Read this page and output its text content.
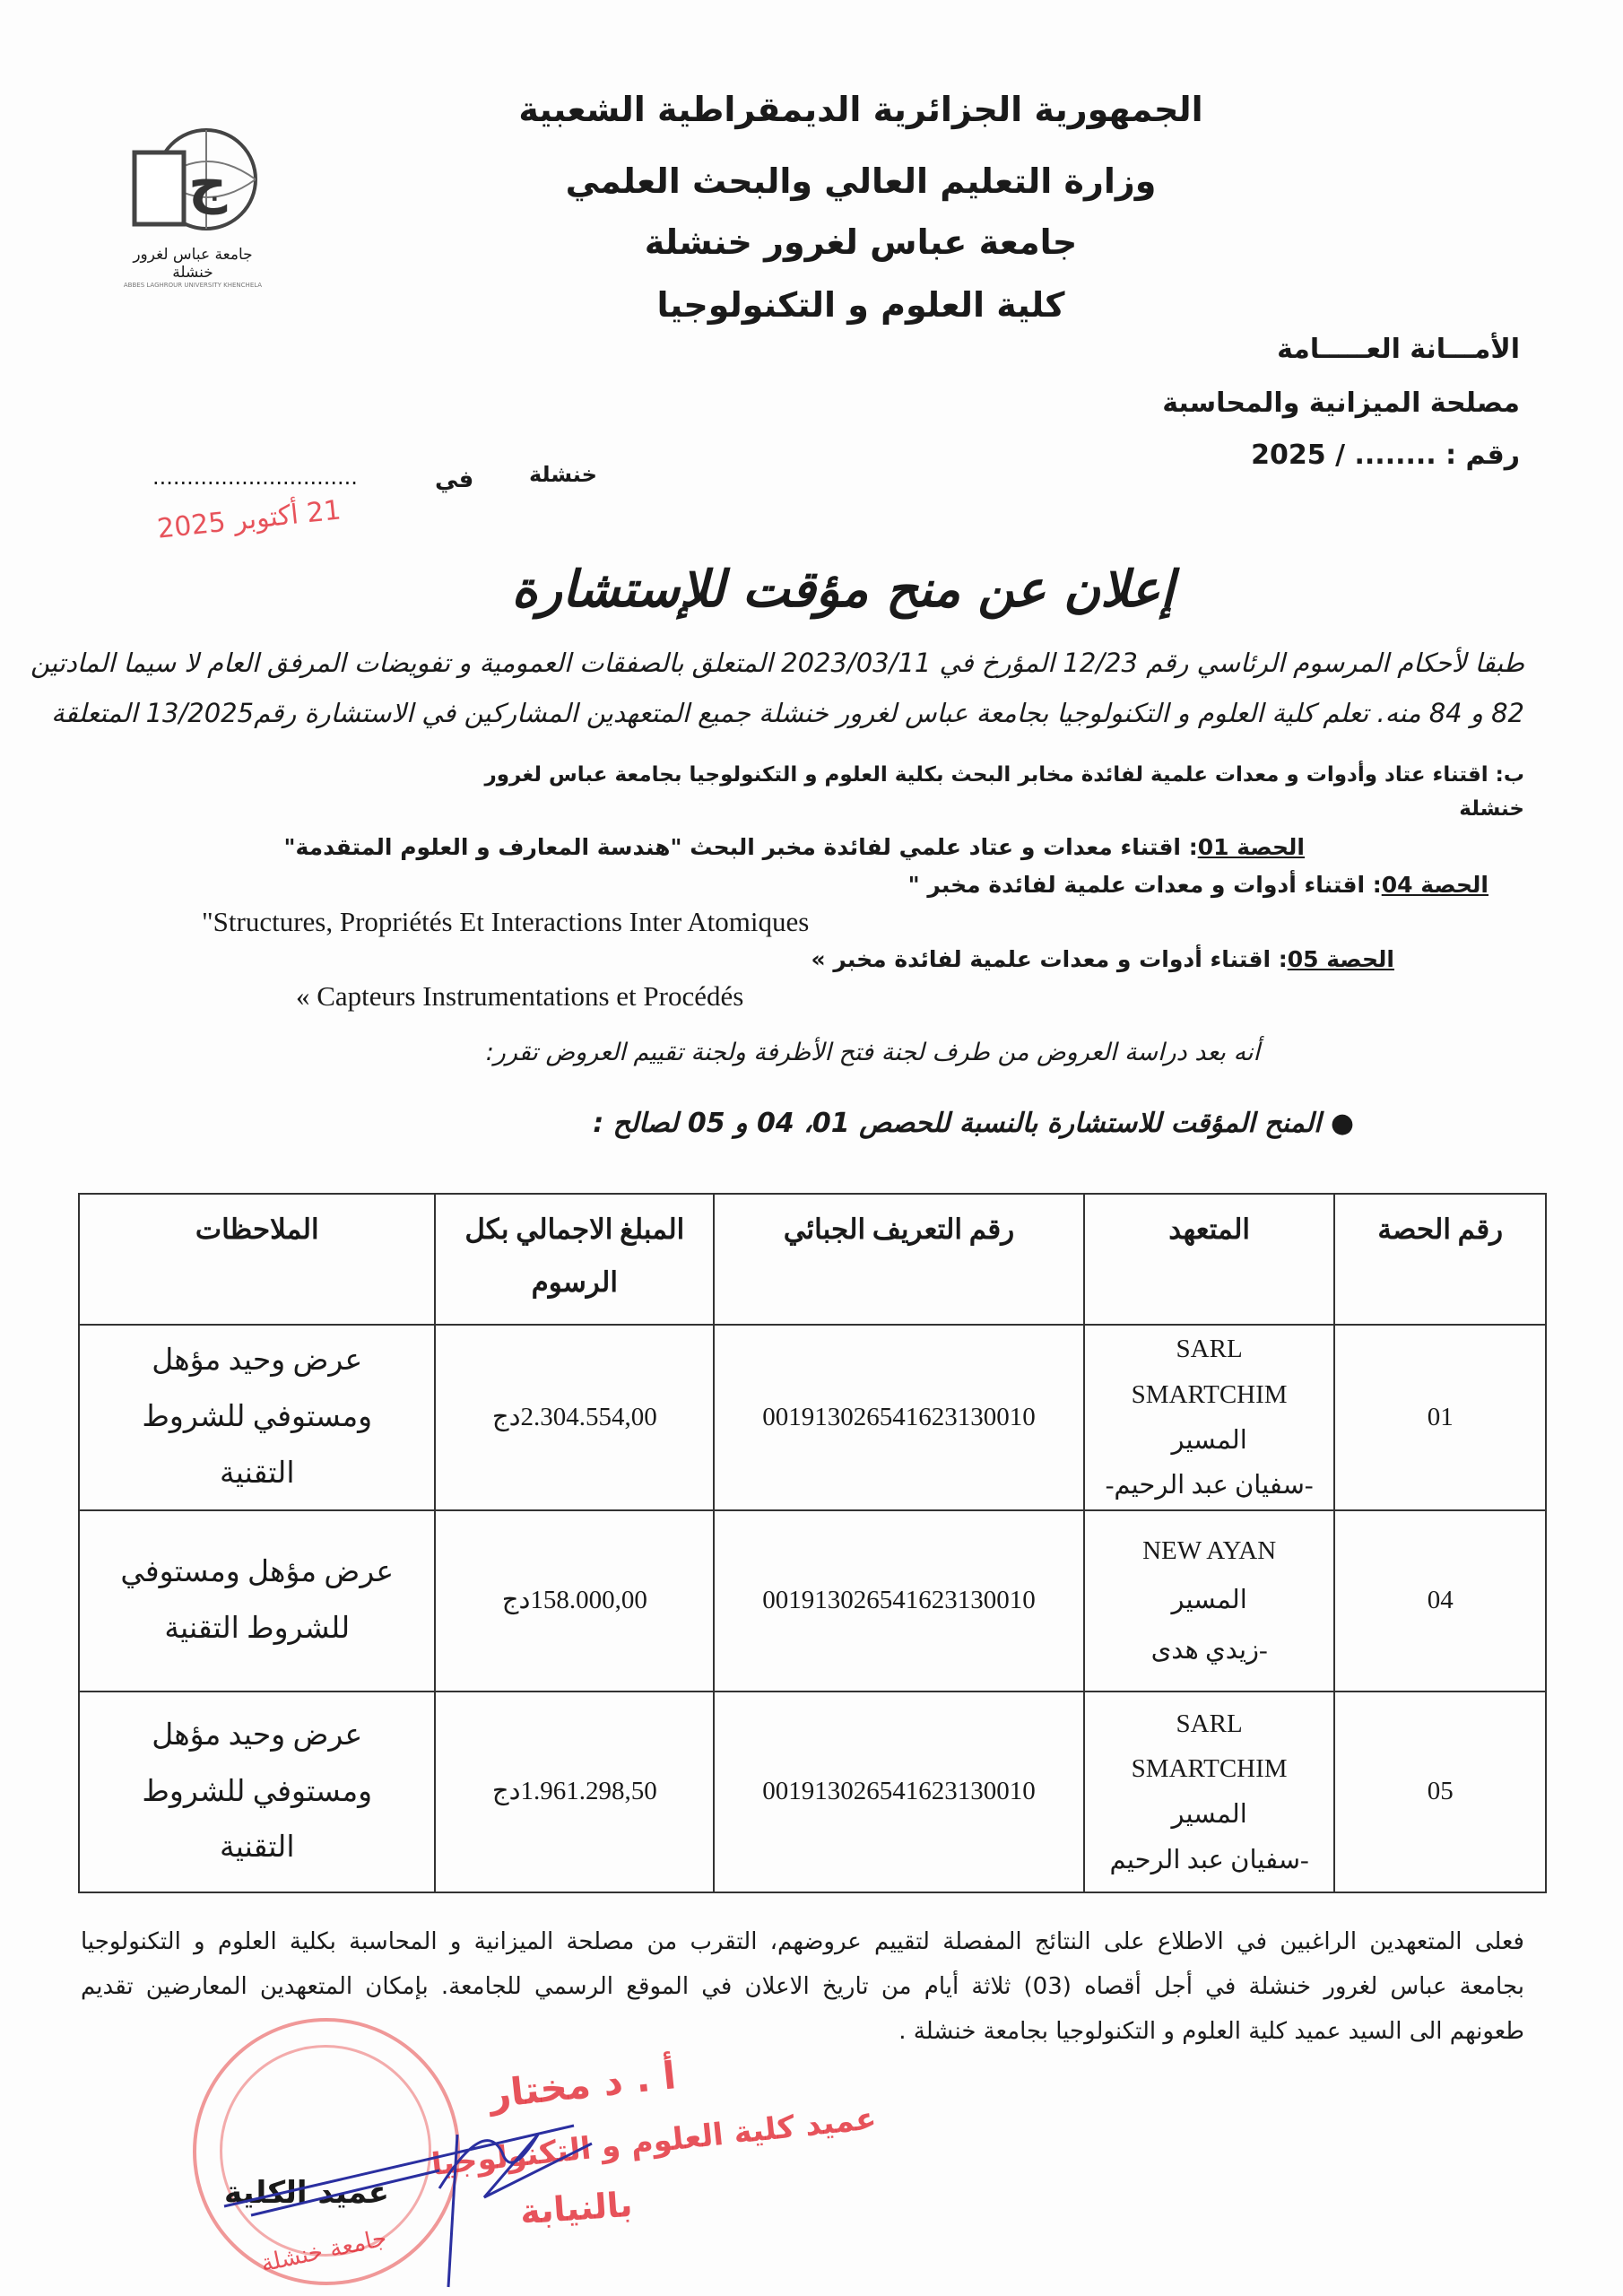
ج
جامعة عباس لغرور خنشلة
ABBES LAGHROUR UNIVERSITY KHENCHELA
الجمهورية الجزائرية الديمقراطية الشعبية
وزارة التعليم العالي والبحث العلمي
جامعة عباس لغرور خنشلة
كلية العلوم و التكنولوجيا
الأمـــانة العـــــامة
مصلحة الميزانية والمحاسبة
رقم : ........ / 2025
خنشلة
في
..............................
21 أكتوبر 2025
إعلان عن منح مؤقت للإستشارة
طبقا لأحكام المرسوم الرئاسي رقم 12/23 المؤرخ في 2023/03/11 المتعلق بالصفقات العمومية و تفويضات المرفق العام لا سيما المادتين
82 و 84 منه. تعلم كلية العلوم و التكنولوجيا بجامعة عباس لغرور خنشلة جميع المتعهدين المشاركين في الاستشارة رقم13/2025 المتعلقة
ب: اقتناء عتاد وأدوات و معدات علمية لفائدة مخابر البحث بكلية العلوم و التكنولوجيا بجامعة عباس لغرور خنشلة
الحصة 01: اقتناء معدات و عتاد علمي لفائدة مخبر البحث "هندسة المعارف و العلوم المتقدمة"
الحصة 04: اقتناء أدوات و معدات علمية لفائدة مخبر "
"Structures, Propriétés Et Interactions Inter Atomiques
الحصة 05: اقتناء أدوات و معدات علمية لفائدة مخبر »
« Capteurs Instrumentations et Procédés
أنه بعد دراسة العروض من طرف لجنة فتح الأظرفة ولجنة تقييم العروض تقرر:
● المنح المؤقت للاستشارة بالنسبة للحصص 01، 04 و 05 لصالح :
رقم الحصة	المتعهد	رقم التعريف الجبائي	المبلغ الاجمالي بكل الرسوم	الملاحظات
01	SARL
SMARTCHIM
المسير
-سفيان عبد الرحيم-	001913026541623130010	2.304.554,00دج	عرض وحيد مؤهل ومستوفي للشروط التقنية
04	NEW AYAN
المسير
-زيدي هدى	001913026541623130010	158.000,00دج	عرض مؤهل ومستوفي للشروط التقنية
05	SARL
SMARTCHIM
المسير
-سفيان عبد الرحيم	001913026541623130010	1.961.298,50دج	عرض وحيد مؤهل ومستوفي للشروط التقنية
فعلى المتعهدين الراغبين في الاطلاع على النتائج المفصلة لتقييم عروضهم، التقرب من مصلحة الميزانية و المحاسبة بكلية العلوم و التكنولوجيا
بجامعة عباس لغرور خنشلة في أجل أقصاه (03) ثلاثة أيام من تاريخ الاعلان في الموقع الرسمي للجامعة. بإمكان المتعهدين المعارضين تقديم
طعونهم الى السيد عميد كلية العلوم و التكنولوجيا بجامعة خنشلة .
جامعة خنشلة
عميد الكلية
أ . د مختار
عميد كلية العلوم و التكنولوجيا
بالنيابة
